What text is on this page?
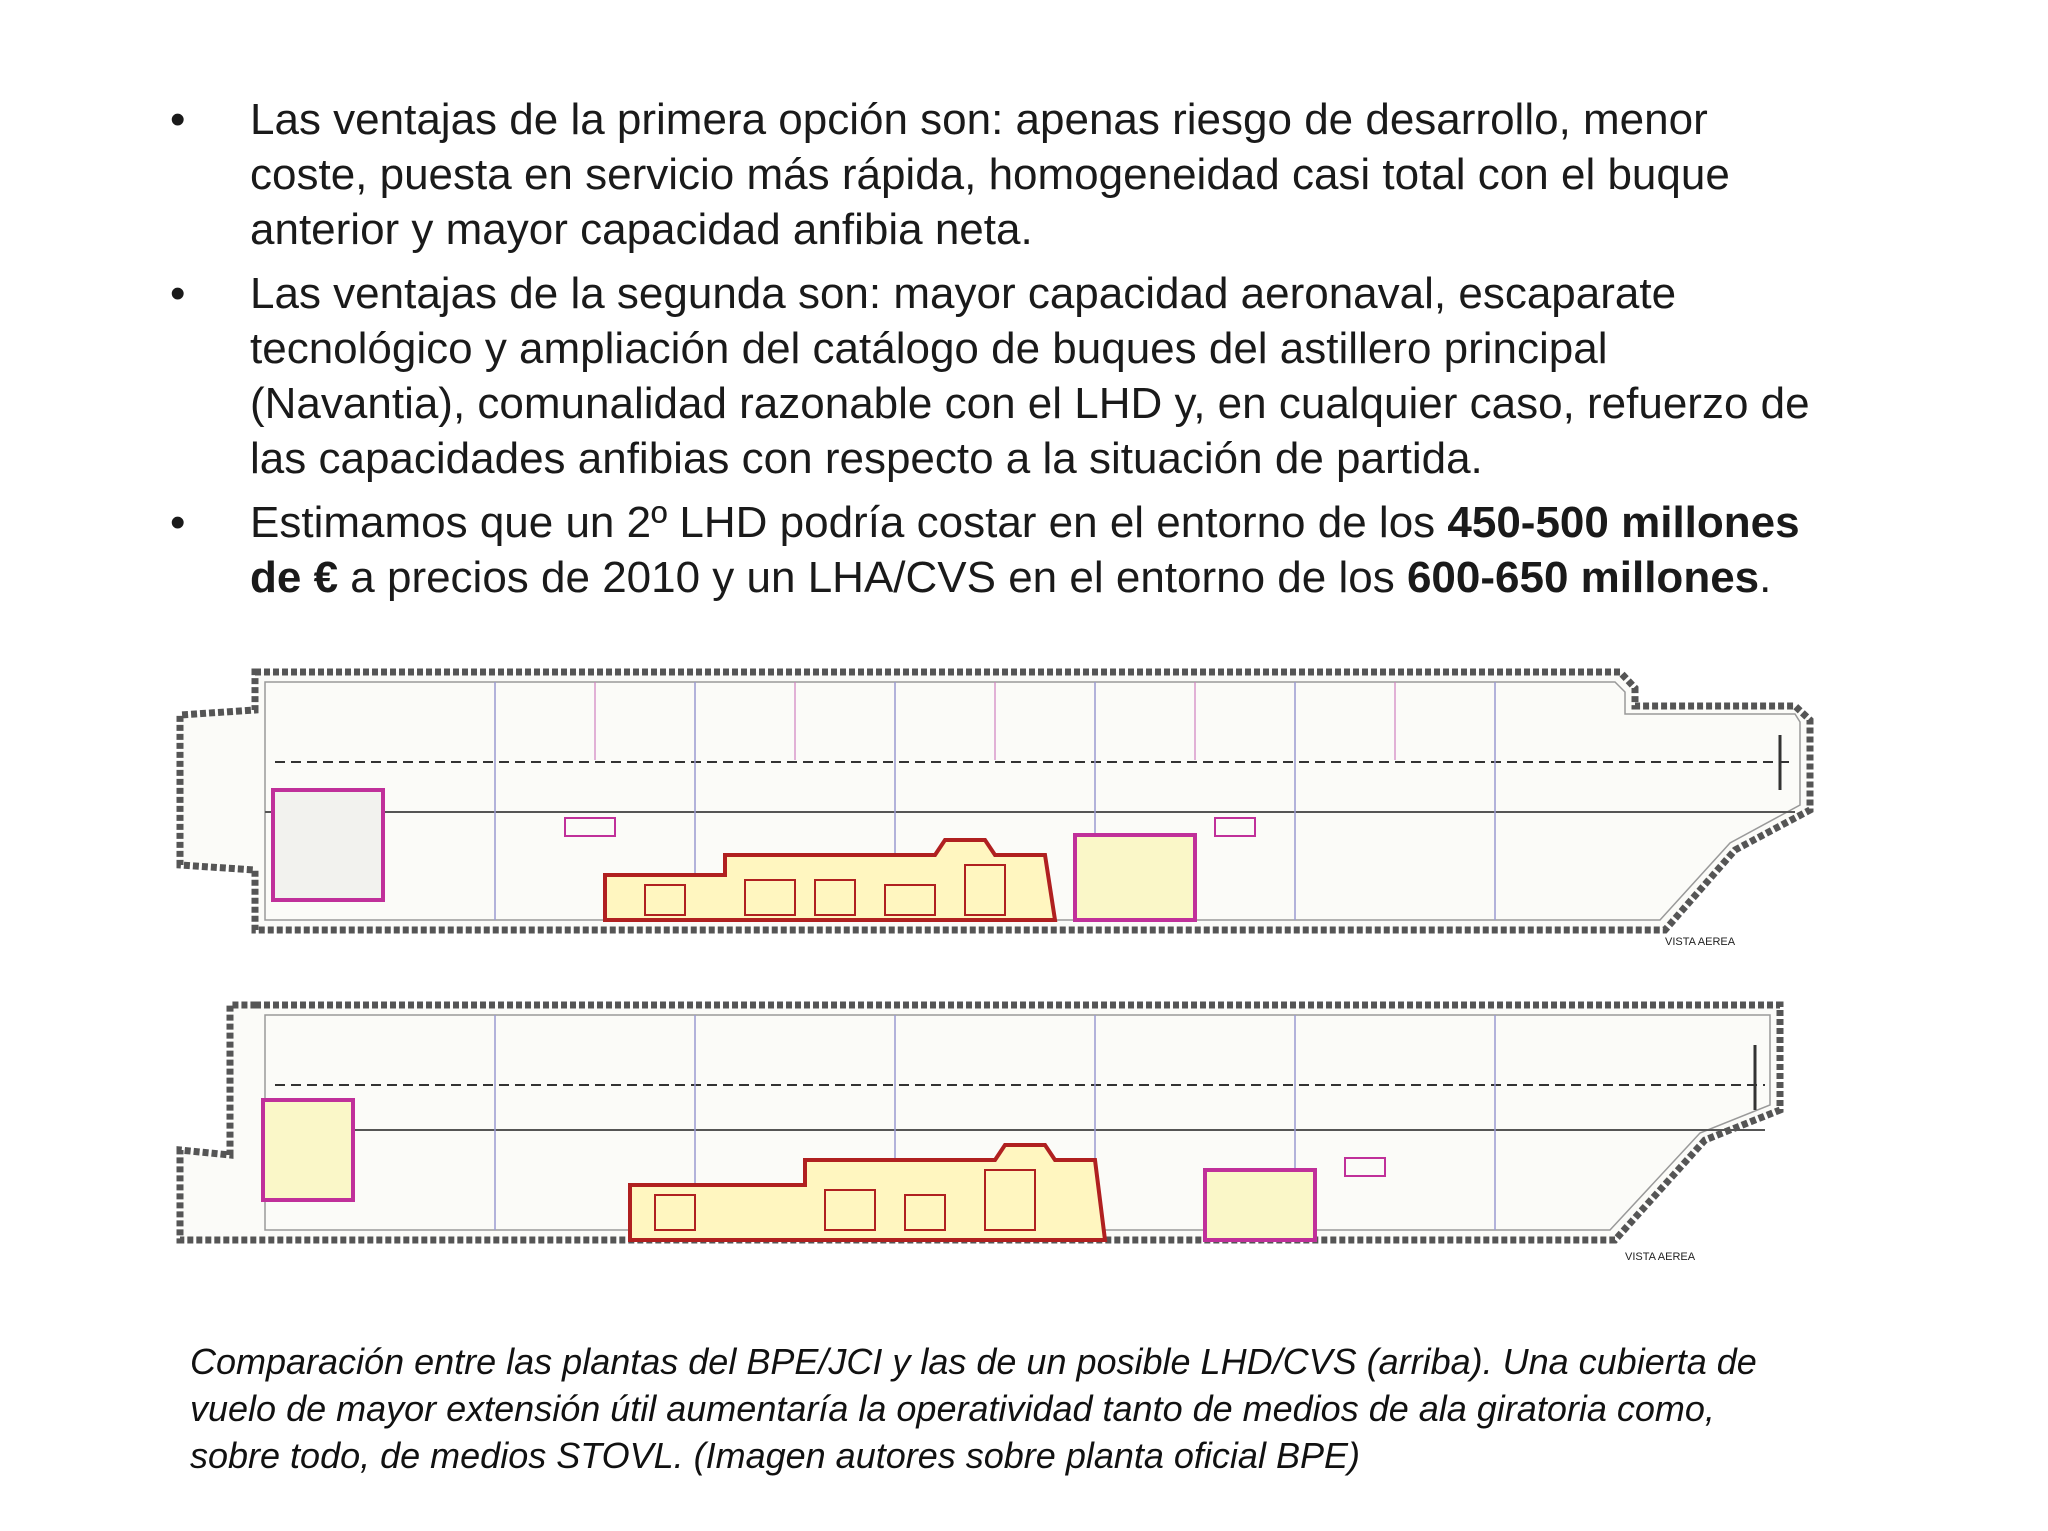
• Las ventajas de la primera opción son: apenas riesgo de desarrollo, menor
coste, puesta en servicio más rápida, homogeneidad casi total con el buque
anterior y mayor capacidad anfibia neta.
• Las ventajas de la segunda son: mayor capacidad aeronaval, escaparate
tecnológico y ampliación del catálogo de buques del astillero principal
(Navantia), comunalidad razonable con el LHD y, en cualquier caso, refuerzo de
las capacidades anfibias con respecto a la situación de partida.
• Estimamos que un 2º LHD podría costar en el entorno de los 450-500 millones
de € a precios de 2010 y un LHA/CVS en el entorno de los 600-650 millones.
VISTA AEREA
VISTA AEREA
Comparación entre las plantas del BPE/JCI y las de un posible LHD/CVS (arriba). Una cubierta de
vuelo de mayor extensión útil aumentaría la operatividad tanto de medios de ala giratoria como,
sobre todo, de medios STOVL. (Imagen autores sobre planta oficial BPE)
